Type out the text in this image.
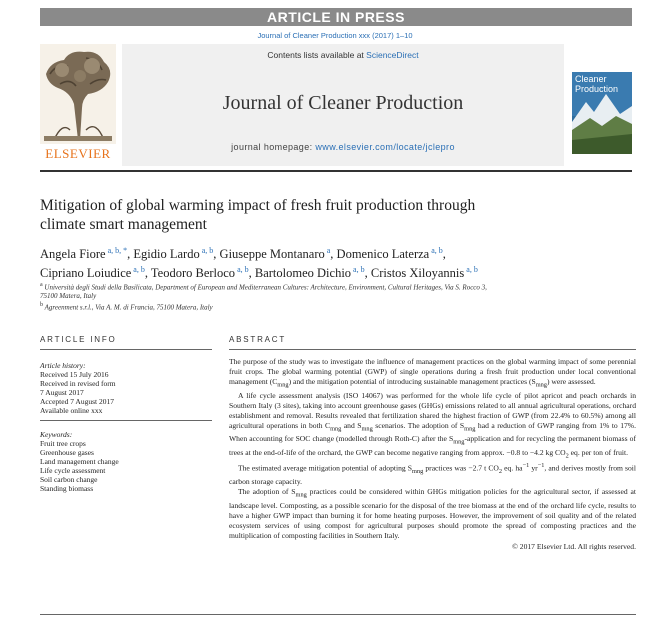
ARTICLE IN PRESS
Journal of Cleaner Production xxx (2017) 1–10
ELSEVIER
Contents lists available at ScienceDirect
Journal of Cleaner Production
journal homepage: www.elsevier.com/locate/jclepro
Cleaner
Production
Mitigation of global warming impact of fresh fruit production through
climate smart management
Angela Fiore $^{a, b, *}$, Egidio Lardo $^{a, b}$, Giuseppe Montanaro $^a$, Domenico Laterza $^{a, b}$,
Cipriano Loiudice $^{a, b}$, Teodoro Berloco $^{a, b}$, Bartolomeo Dichio $^{a, b}$, Cristos Xiloyannis $^{a, b}$
$^a$ Università degli Studi della Basilicata, Department of European and Mediterranean Cultures: Architecture, Environment, Cultural Heritages, Via S. Rocco 3,
75100 Matera, Italy
$^b$ Agreenment s.r.l., Via A. M. di Francia, 75100 Matera, Italy
ARTICLE INFO	ABSTRACT
Article history:
Received 15 July 2016
Received in revised form
7 August 2017
Accepted 7 August 2017
Available online xxx
Keywords:
Fruit tree crops
Greenhouse gases
Land management change
Life cycle assessment
Soil carbon change
Standing biomass

The purpose of the study was to investigate the influence of management practices on the global warming impact of some perennial fruit crops. The global warming potential (GWP) of single operations during a fresh fruit production under local conventional management $(C_{mng})$ and the mitigation potential of introducing sustainable management practices $(S_{mng})$ were assessed.

A life cycle assessment analysis (ISO 14067) was performed for the whole life cycle of pilot apricot and peach orchards in Southern Italy (3 sites), taking into account greenhouse gases (GHGs) emissions related to all annual agricultural operations, orchard establishment and removal. Results revealed that fertilization shared the highest fraction of GWP (from 22.4% to 60.5%) among all agricultural operations in both $C_{mng}$ and $S_{mng}$ scenarios. The adoption of $S_{mng}$ had a reduction of GWP ranging from 1% to 17%. When accounting for SOC change (modelled through Roth-C) after the $S_{mng}$-application and for recycling the permanent biomass of trees at the end-of-life of the orchard, the GWP can become negative ranging from approx. −0.8 to −4.2 kg $CO_2$ eq. per ton of fruit.

The estimated average mitigation potential of adopting $S_{mng}$ practices was −2.7 t $CO_2$ eq. $ha^{-1}$ $yr^{-1}$, and derives mostly from soil carbon storage capacity.

The adoption of $S_{mng}$ practices could be considered within GHGs mitigation policies for the agricultural sector, if assessed at landscape level. Composting, as a possible scenario for the disposal of the tree biomass at the end of the orchard life cycle, results to have a higher GWP impact than burning it for home heating purposes. However, the improvement of soil quality and of the related ecosystem services of using compost for agricultural purposes should promote the spread of composting practices and the multiplication of composting facilities in Southern Italy.

© 2017 Elsevier Ltd. All rights reserved.
